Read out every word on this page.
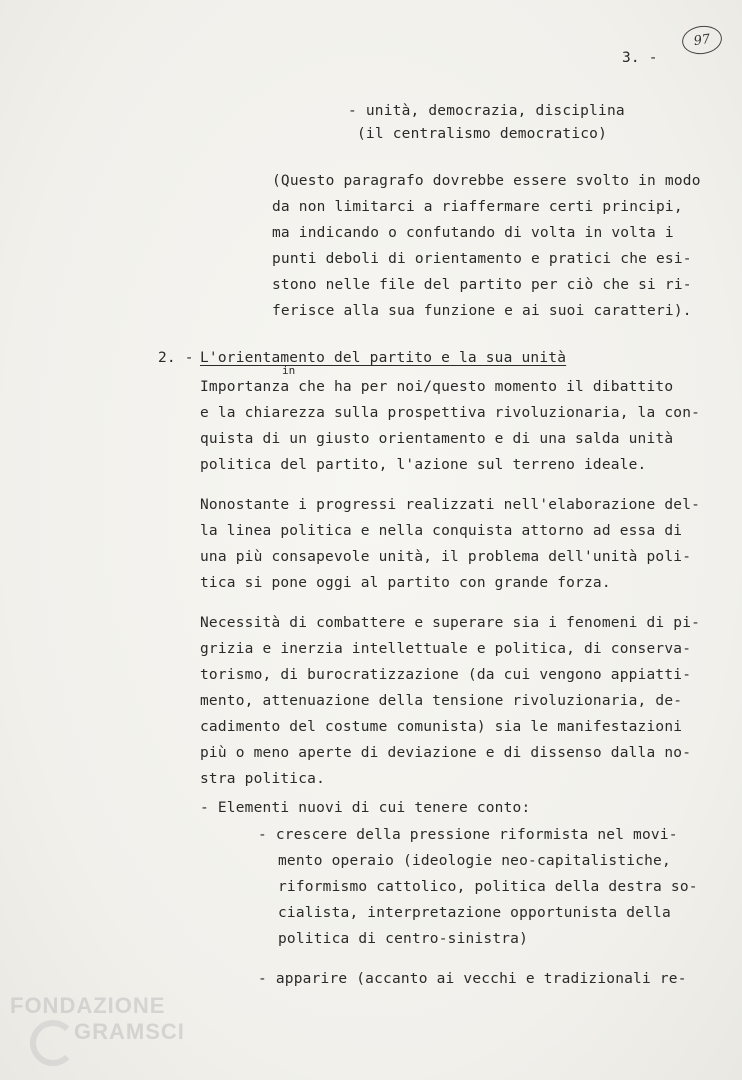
3. -
97
- unità, democrazia, disciplina
(il centralismo democratico)
(Questo paragrafo dovrebbe essere svolto in modo
da non limitarci a riaffermare certi principi,
ma indicando o confutando di volta in volta i
punti deboli di orientamento e pratici che esi-
stono nelle file del partito per ciò che si ri-
ferisce alla sua funzione e ai suoi caratteri).
2. - L'orientamento del partito e la sua unità
in
Importanza che ha per noi/questo momento il dibattito
e la chiarezza sulla prospettiva rivoluzionaria, la con-
quista di un giusto orientamento e di una salda unità
politica del partito, l'azione sul terreno ideale.
Nonostante i progressi realizzati nell'elaborazione del-
la linea politica e nella conquista attorno ad essa di
una più consapevole unità, il problema dell'unità poli-
tica si pone oggi al partito con grande forza.
Necessità di combattere e superare sia i fenomeni di pi-
grizia e inerzia intellettuale e politica, di conserva-
torismo, di burocratizzazione (da cui vengono appiatti-
mento, attenuazione della tensione rivoluzionaria, de-
cadimento del costume comunista) sia le manifestazioni
più o meno aperte di deviazione e di dissenso dalla no-
stra politica.
- Elementi nuovi di cui tenere conto:
- crescere della pressione riformista nel movi-
mento operaio (ideologie neo-capitalistiche,
riformismo cattolico, politica della destra so-
cialista, interpretazione opportunista della
politica di centro-sinistra)
- apparire (accanto ai vecchi e tradizionali re-
FONDAZIONE
GRAMSCI
